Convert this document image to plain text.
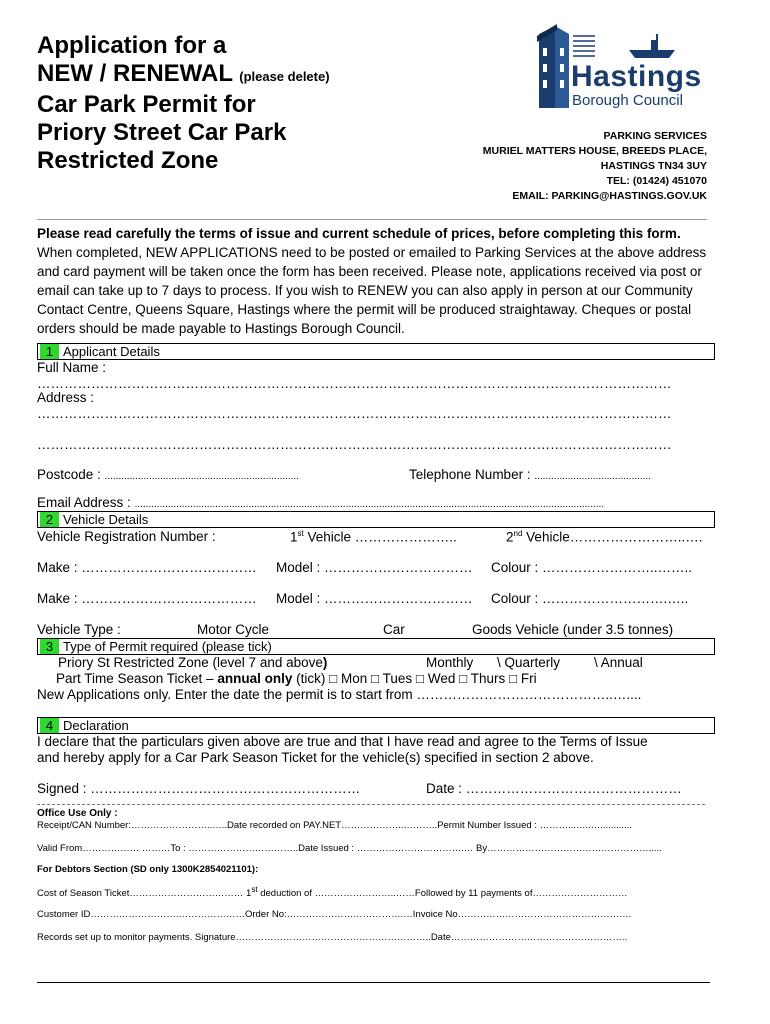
Application for a
NEW / RENEWAL (please delete)
Car Park Permit for
Priory Street Car Park
Restricted Zone
Hastings
Borough Council
PARKING SERVICES
MURIEL MATTERS HOUSE, BREEDS PLACE,
HASTINGS TN34 3UY
TEL: (01424) 451070
EMAIL: PARKING@HASTINGS.GOV.UK
Please read carefully the terms of issue and current schedule of prices, before completing this form. When completed, NEW APPLICATIONS need to be posted or emailed to Parking Services at the above address and card payment will be taken once the form has been received. Please note, applications received via post or email can take up to 7 days to process. If you wish to RENEW you can also apply in person at our Community Contact Centre, Queens Square, Hastings where the permit will be produced straightaway. Cheques or postal orders should be made payable to Hastings Borough Council.
1 Applicant Details
Full Name :
……………………………………………………………………………………………………………………………
Address :
……………………………………………………………………………………………………………………………
……………………………………………………………………………………………………………………………
Postcode : ......................................................................	Telephone Number : ..........................................
Email Address : .........................................................................................................................................................................
2 Vehicle Details
Vehicle Registration Number :	1st Vehicle …………………..	2nd Vehicle……………………..….
Make : ………………………………… Model : …………………………… Colour : ……………………..……..
Make : ………………………………… Model : …………………………… Colour : ……………………….…..
Vehicle Type :	Motor Cycle	Car	Goods Vehicle (under 3.5 tonnes)
3 Type of Permit required (please tick)
Priory St Restricted Zone (level 7 and above)	Monthly \ Quarterly	\ Annual
Part Time Season Ticket – annual only (tick) □ Mon □ Tues □ Wed □ Thurs □ Fri
New Applications only. Enter the date the permit is to start from ……………………………………..…....
4 Declaration
I declare that the particulars given above are true and that I have read and agree to the Terms of Issue
and hereby apply for a Car Park Season Ticket for the vehicle(s) specified in section 2 above.
Signed : ……………………………………………………	Date : …………………………………………
Office Use Only :
Receipt/CAN Number:……………………..…..Date recorded on PAY.NET………………..………..Permit Number Issued : ………...…..…............
Valid From……………… ………To : ……………………………..Date Issued : …………………………….… By…………………………………………….....
For Debtors Section (SD only 1300K2854021101):
Cost of Season Ticket……………………………… 1st deduction of ……………………..……Followed by 11 payments of…………………………
Customer ID……………………….…………………Order No:……………………………….…Invoice No……………………………………………….
Records set up to monitor payments. Signature……………………………………………………..Date………………………………………………..
